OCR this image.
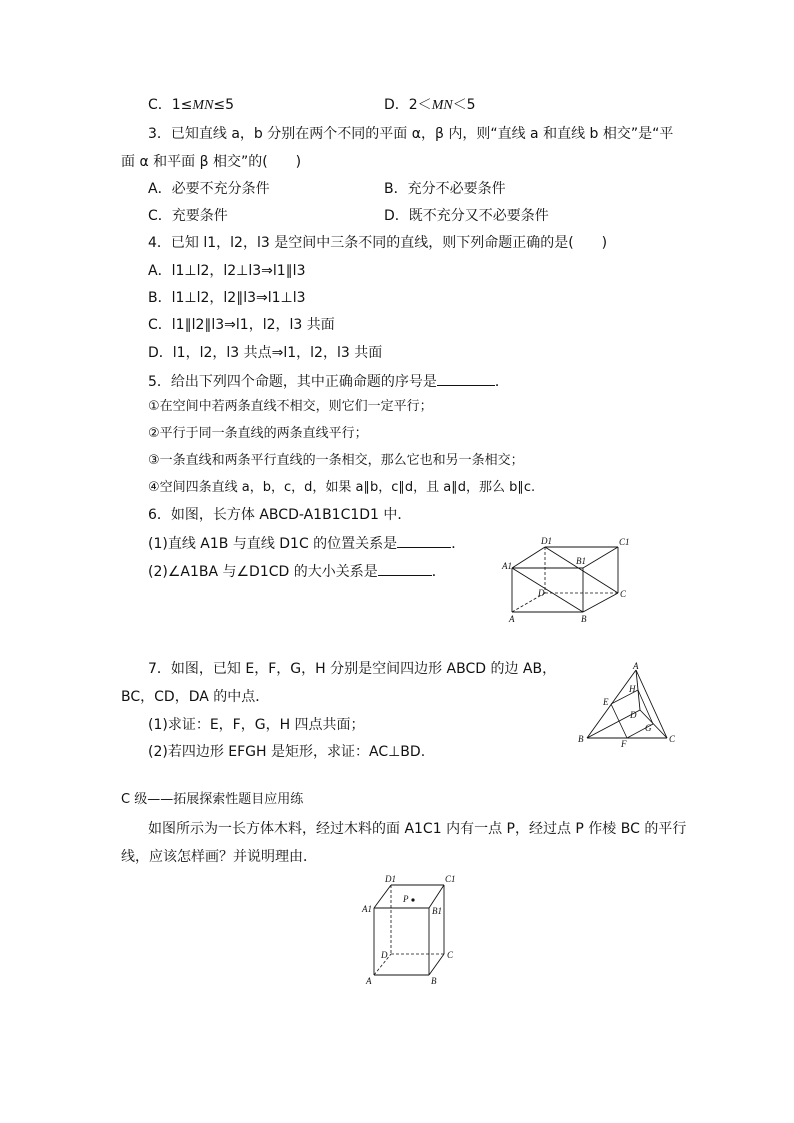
C．1≤MN≤5	D．2＜MN＜5
3．已知直线 a，b 分别在两个不同的平面 α，β 内，则“直线 a 和直线 b 相交”是“平
面 α 和平面 β 相交”的(　　)
A．必要不充分条件	B．充分不必要条件
C．充要条件	D．既不充分又不必要条件
4．已知 l1，l2，l3 是空间中三条不同的直线，则下列命题正确的是(　　)
A．l1⊥l2，l2⊥l3⇒l1∥l3
B．l1⊥l2，l2∥l3⇒l1⊥l3
C．l1∥l2∥l3⇒l1，l2，l3 共面
D．l1，l2，l3 共点⇒l1，l2，l3 共面
5．给出下列四个命题，其中正确命题的序号是	．
①在空间中若两条直线不相交，则它们一定平行；
②平行于同一条直线的两条直线平行；
③一条直线和两条平行直线的一条相交，那么它也和另一条相交；
④空间四条直线 a，b，c，d，如果 a∥b，c∥d，且 a∥d，那么 b∥c.
6．如图，长方体 ABCD-A1B1C1D1 中．
(1)直线 A1B 与直线 D1C 的位置关系是	．
(2)∠A1BA 与∠D1CD 的大小关系是	．
D1	C1
A1	B1
D	C
A	B
7．如图，已知 E，F，G，H 分别是空间四边形 ABCD 的边 AB，
BC，CD，DA 的中点．
(1)求证：E，F，G，H 四点共面；
(2)若四边形 EFGH 是矩形，求证：AC⊥BD.
A
H
E
D
G
B	F	C
C 级——拓展探索性题目应用练
如图所示为一长方体木料，经过木料的面 A1C1 内有一点 P，经过点 P 作棱 BC 的平行
线，应该怎样画？并说明理由．
D1	C1
A1	B1
P
D	C
A	B
